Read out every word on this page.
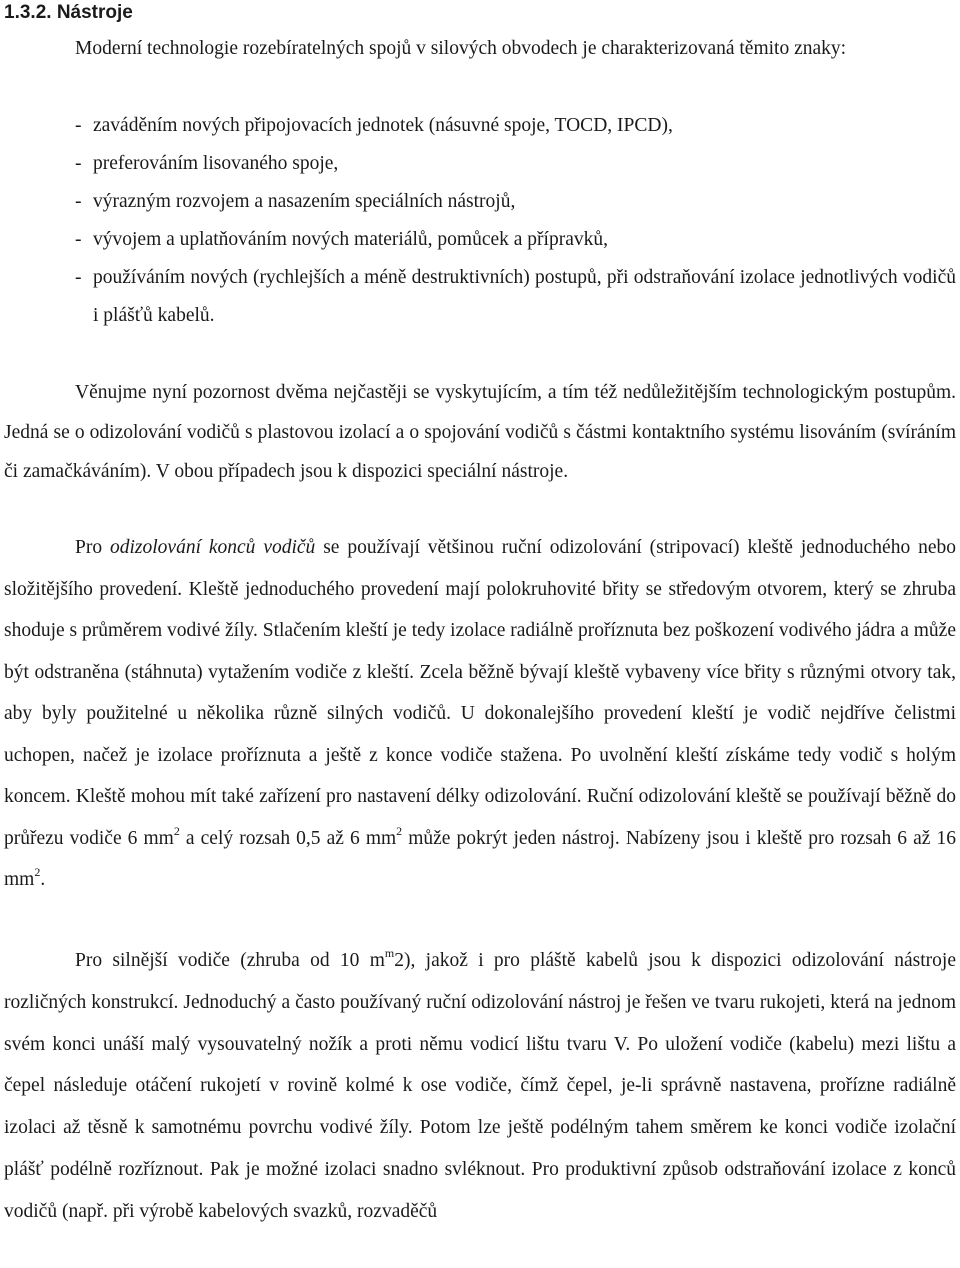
1.3.2. Nástroje

Moderní technologie rozebíratelných spojů v silových obvodech je charakterizovaná těmito znaky:

- zaváděním nových připojovacích jednotek (násuvné spoje, TOCD, IPCD),
- preferováním lisovaného spoje,
- výrazným rozvojem a nasazením speciálních nástrojů,
- vývojem a uplatňováním nových materiálů, pomůcek a přípravků,
- používáním nových (rychlejších a méně destruktivních) postupů, při odstraňování izolace jednotlivých vodičů i plášťů kabelů.

Věnujme nyní pozornost dvěma nejčastěji se vyskytujícím, a tím též nedůležitějším technologickým postupům. Jedná se o odizolování vodičů s plastovou izolací a o spojování vodičů s částmi kontaktního systému lisováním (svíráním či zamačkáváním). V obou případech jsou k dispozici speciální nástroje.

Pro odizolování konců vodičů se používají většinou ruční odizolování (stripovací) kleště jednoduchého nebo složitějšího provedení. Kleště jednoduchého provedení mají polokruhovité břity se středovým otvorem, který se zhruba shoduje s průměrem vodivé žíly. Stlačením kleští je tedy izolace radiálně proříznuta bez poškození vodivého jádra a může být odstraněna (stáhnuta) vytažením vodiče z kleští. Zcela běžně bývají kleště vybaveny více břity s různými otvory tak, aby byly použitelné u několika různě silných vodičů. U dokonalejšího provedení kleští je vodič nejdříve čelistmi uchopen, načež je izolace proříznuta a ještě z konce vodiče stažena. Po uvolnění kleští získáme tedy vodič s holým koncem. Kleště mohou mít také zařízení pro nastavení délky odizolování. Ruční odizolování kleště se používají běžně do průřezu vodiče 6 $mm^2$ a celý rozsah 0,5 až 6 $mm^2$ může pokrýt jeden nástroj. Nabízeny jsou i kleště pro rozsah 6 až 16 $mm^2$.

Pro silnější vodiče (zhruba od 10 $m^m2$), jakož i pro pláště kabelů jsou k dispozici odizolování nástroje rozličných konstrukcí. Jednoduchý a často používaný ruční odizolování nástroj je řešen ve tvaru rukojeti, která na jednom svém konci unáší malý vysouvatelný nožík a proti němu vodicí lištu tvaru V. Po uložení vodiče (kabelu) mezi lištu a čepel následuje otáčení rukojetí v rovině kolmé k ose vodiče, čímž čepel, je-li správně nastavena, prořízne radiálně izolaci až těsně k samotnému povrchu vodivé žíly. Potom lze ještě podélným tahem směrem ke konci vodiče izolační plášť podélně rozříznout. Pak je možné izolaci snadno svléknout. Pro produktivní způsob odstraňování izolace z konců vodičů (např. při výrobě kabelových svazků, rozvaděčů
